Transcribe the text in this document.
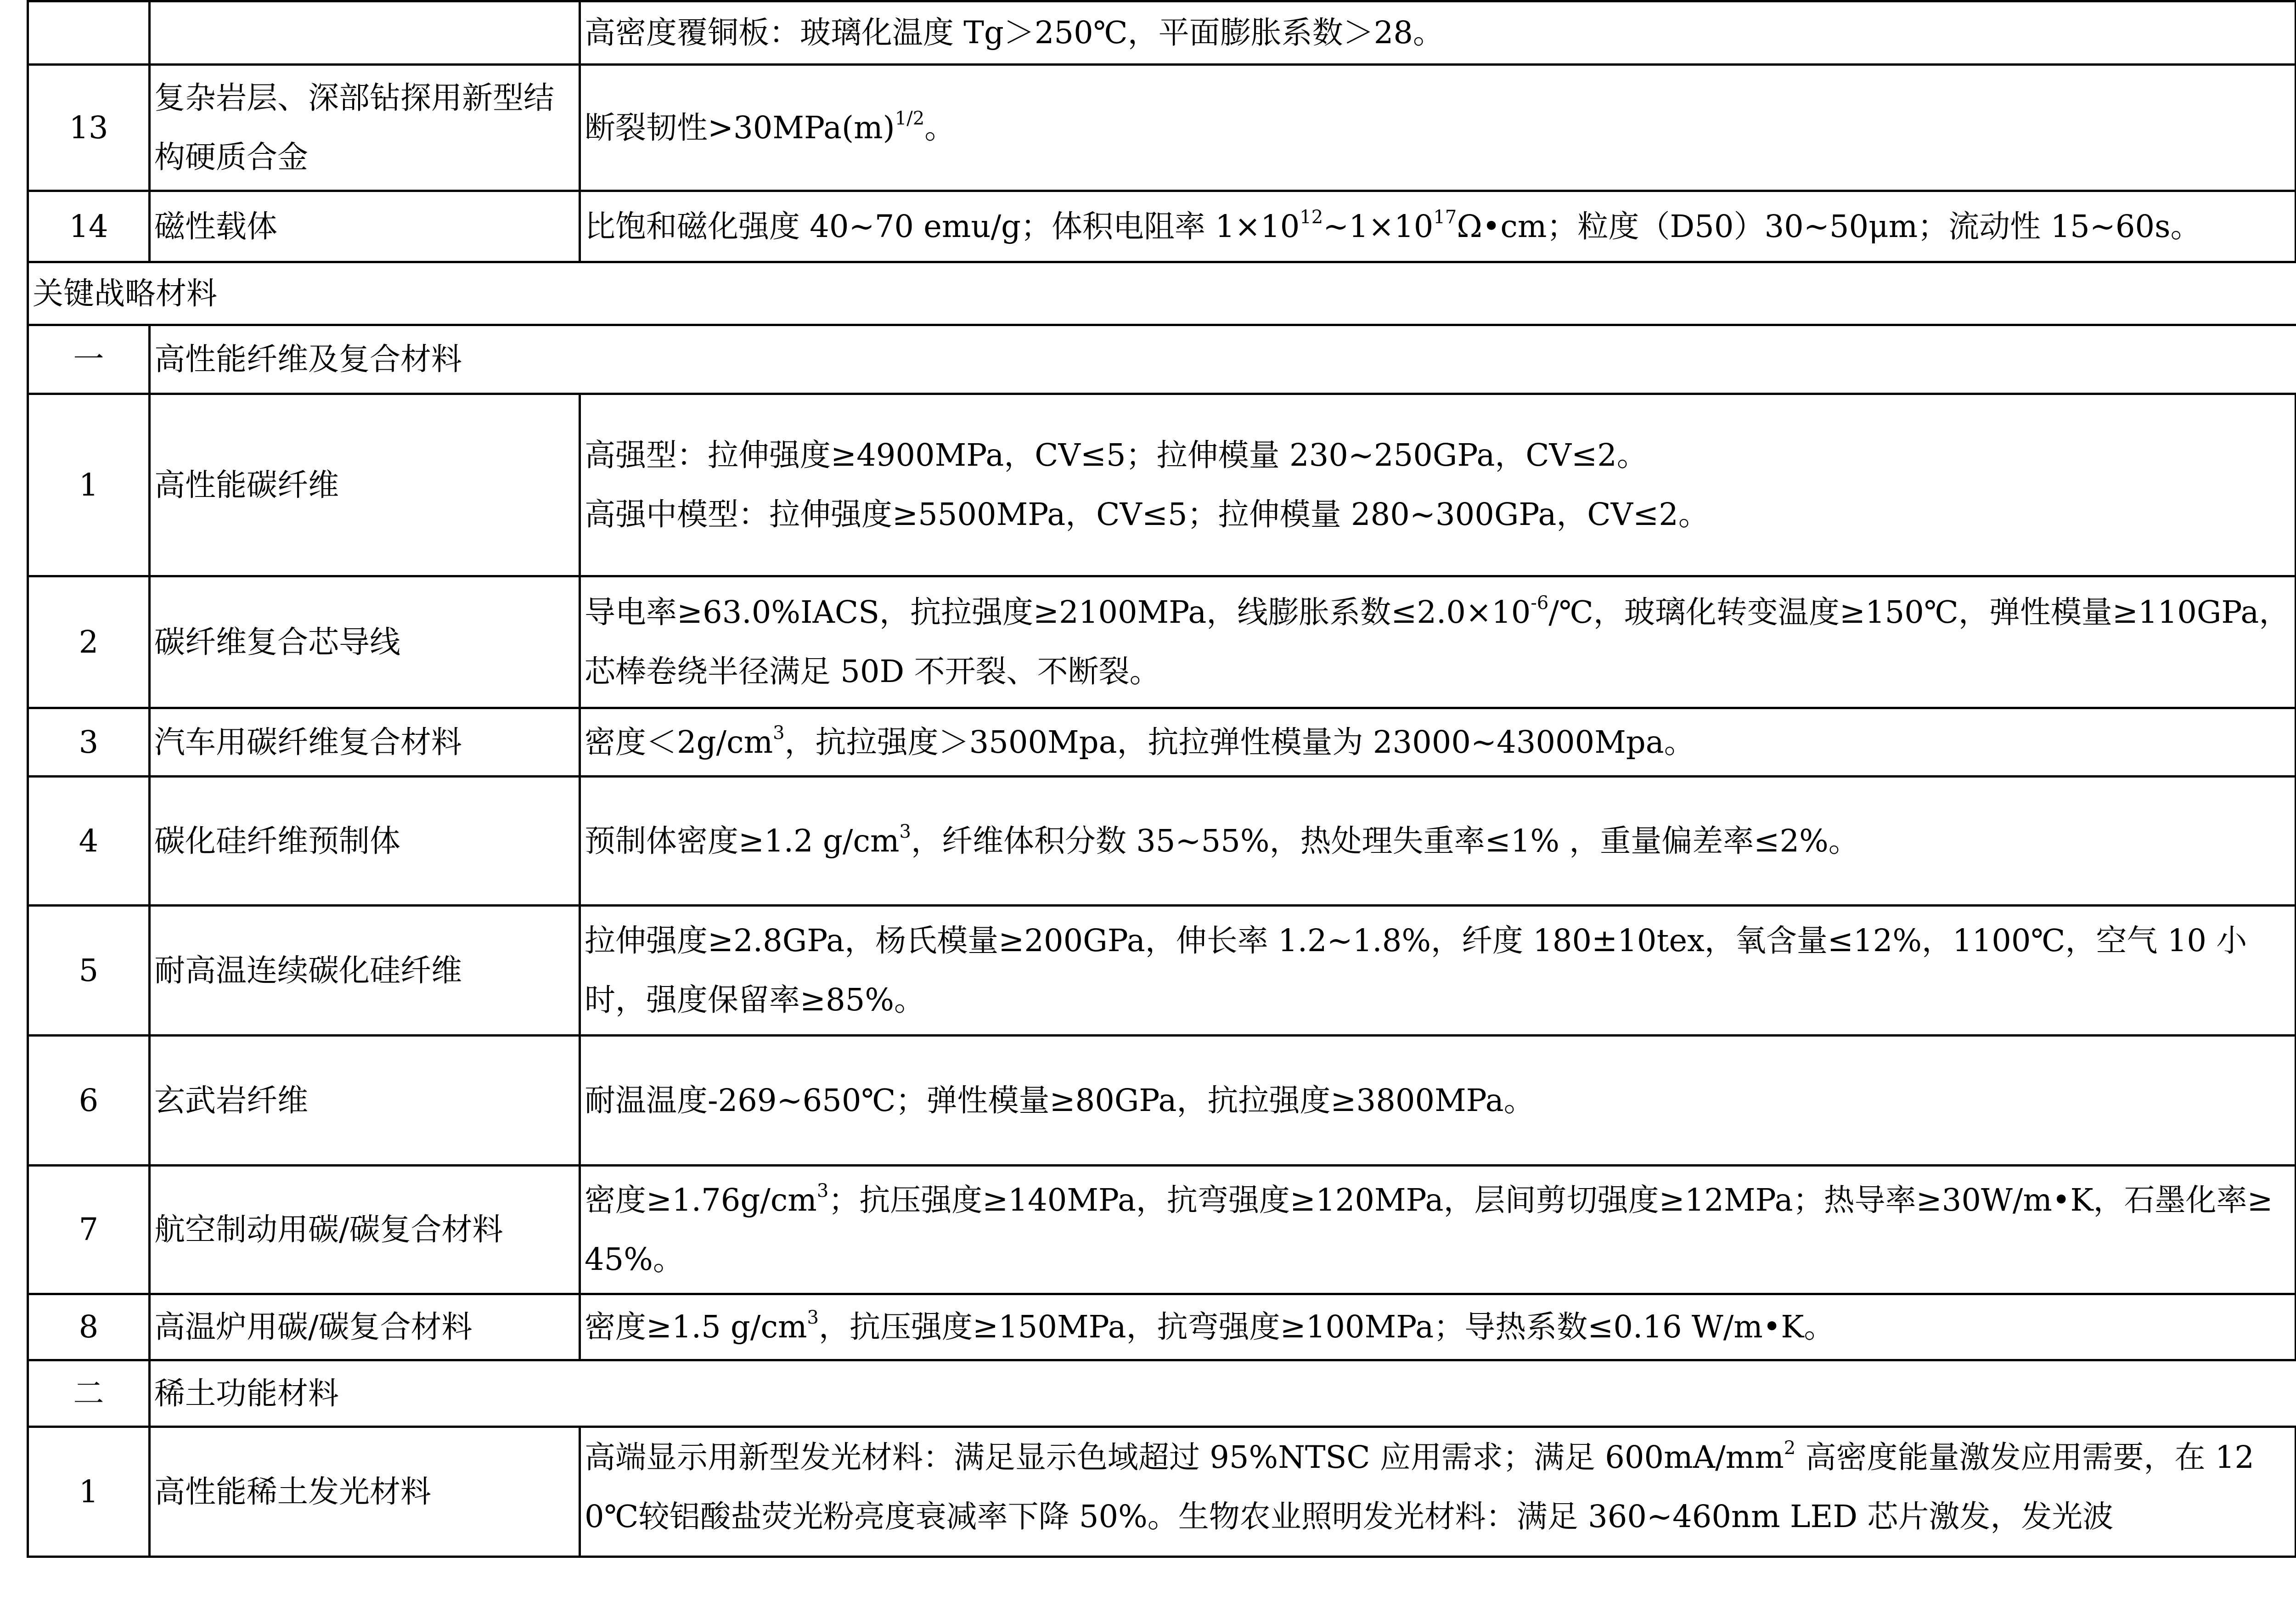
		高密度覆铜板：玻璃化温度 Tg＞250℃，平面膨胀系数＞28。	
13	复杂岩层、深部钻探用新型结构硬质合金	断裂韧性$>30MPa(m)^{1/2}$。	
14	磁性载体	比饱和磁化强度 40~70 emu/g；体积电阻率 $1\times 10^{12}\sim 1\times 10^{17}\Omega•cm$；粒度（D50）30~50μm；流动性 15~60s。	
关键战略材料			
一	高性能纤维及复合材料		
1	高性能碳纤维	高强型：拉伸强度≥4900MPa，CV≤5；拉伸模量 230~250GPa，CV≤2。
高强中模型：拉伸强度≥5500MPa，CV≤5；拉伸模量 280~300GPa，CV≤2。

2	碳纤维复合芯导线	导电率≥63.0%IACS，抗拉强度≥2100MPa，线膨胀系数$\le 2.0\times 10^{-6}/℃$，玻璃化转变温度≥150℃，弹性模量≥110GPa，芯棒卷绕半径满足 50D 不开裂、不断裂。	
3	汽车用碳纤维复合材料	密度$<2g/cm^3$，抗拉强度＞3500Mpa，抗拉弹性模量为 23000~43000Mpa。	
4	碳化硅纤维预制体	预制体密度≥1.2 $g/cm^3$，纤维体积分数 35~55%，热处理失重率≤1% ，重量偏差率≤2%。	
5	耐高温连续碳化硅纤维	拉伸强度≥2.8GPa，杨氏模量≥200GPa，伸长率 1.2~1.8%，纤度 180±10tex，氧含量≤12%，1100℃，空气 10 小时，强度保留率≥85%。	
6	玄武岩纤维	耐温温度-269~650℃；弹性模量≥80GPa，抗拉强度≥3800MPa。	
7	航空制动用碳/碳复合材料	密度$\ge 1.76g/cm^3$；抗压强度≥140MPa，抗弯强度≥120MPa，层间剪切强度≥12MPa；热导率≥30W/m•K，石墨化率≥45%。	
8	高温炉用碳/碳复合材料	密度≥1.5 $g/cm^3$，抗压强度≥150MPa，抗弯强度≥100MPa；导热系数≤0.16 W/m•K。	
二	稀土功能材料		
1	高性能稀土发光材料	高端显示用新型发光材料：满足显示色域超过 95%NTSC 应用需求；满足 $600mA/mm^2$ 高密度能量激发应用需要，在 120℃较铝酸盐荧光粉亮度衰减率下降 50%。生物农业照明发光材料：满足 360~460nm LED 芯片激发，发光波	
